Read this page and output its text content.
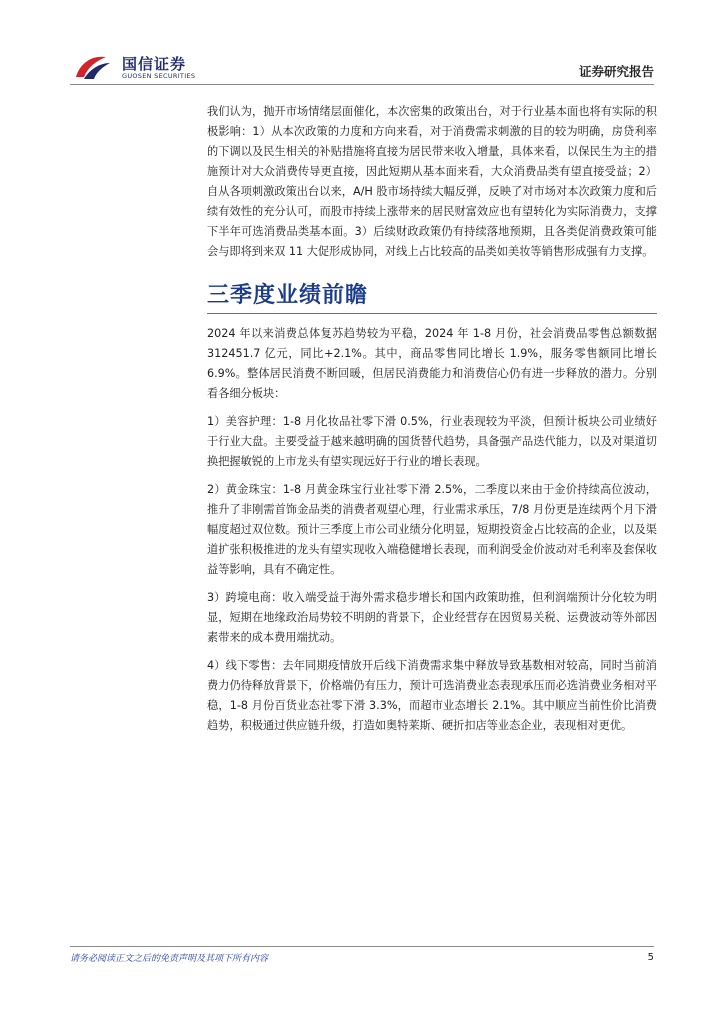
国信证券
GUOSEN SECURITIES	证券研究报告

我们认为，抛开市场情绪层面催化，本次密集的政策出台，对于行业基本面也将有实际的积极影响：1）从本次政策的力度和方向来看，对于消费需求刺激的目的较为明确，房贷利率的下调以及民生相关的补贴措施将直接为居民带来收入增量，具体来看，以保民生为主的措施预计对大众消费传导更直接，因此短期从基本面来看，大众消费品类有望直接受益；2）自从各项刺激政策出台以来，A/H 股市场持续大幅反弹，反映了对市场对本次政策力度和后续有效性的充分认可，而股市持续上涨带来的居民财富效应也有望转化为实际消费力，支撑下半年可选消费品类基本面。3）后续财政政策仍有持续落地预期，且各类促消费政策可能会与即将到来双 11 大促形成协同，对线上占比较高的品类如美妆等销售形成强有力支撑。

三季度业绩前瞻

2024 年以来消费总体复苏趋势较为平稳，2024 年 1-8 月份，社会消费品零售总额数据 312451.7 亿元，同比+2.1%。其中，商品零售同比增长 1.9%，服务零售额同比增长 6.9%。整体居民消费不断回暖，但居民消费能力和消费信心仍有进一步释放的潜力。分别看各细分板块：

1）美容护理：1-8 月化妆品社零下滑 0.5%，行业表现较为平淡，但预计板块公司业绩好于行业大盘。主要受益于越来越明确的国货替代趋势，具备强产品迭代能力，以及对渠道切换把握敏锐的上市龙头有望实现远好于行业的增长表现。

2）黄金珠宝：1-8 月黄金珠宝行业社零下滑 2.5%，二季度以来由于金价持续高位波动，推升了非刚需首饰金品类的消费者观望心理，行业需求承压，7/8 月份更是连续两个月下滑幅度超过双位数。预计三季度上市公司业绩分化明显，短期投资金占比较高的企业，以及渠道扩张积极推进的龙头有望实现收入端稳健增长表现，而利润受金价波动对毛利率及套保收益等影响，具有不确定性。

3）跨境电商：收入端受益于海外需求稳步增长和国内政策助推，但利润端预计分化较为明显，短期在地缘政治局势较不明朗的背景下，企业经营存在因贸易关税、运费波动等外部因素带来的成本费用端扰动。

4）线下零售：去年同期疫情放开后线下消费需求集中释放导致基数相对较高，同时当前消费力仍待释放背景下，价格端仍有压力，预计可选消费业态表现承压而必选消费业务相对平稳，1-8 月份百货业态社零下滑 3.3%，而超市业态增长 2.1%。其中顺应当前性价比消费趋势，积极通过供应链升级，打造如奥特莱斯、硬折扣店等业态企业，表现相对更优。

请务必阅读正文之后的免责声明及其项下所有内容	5
